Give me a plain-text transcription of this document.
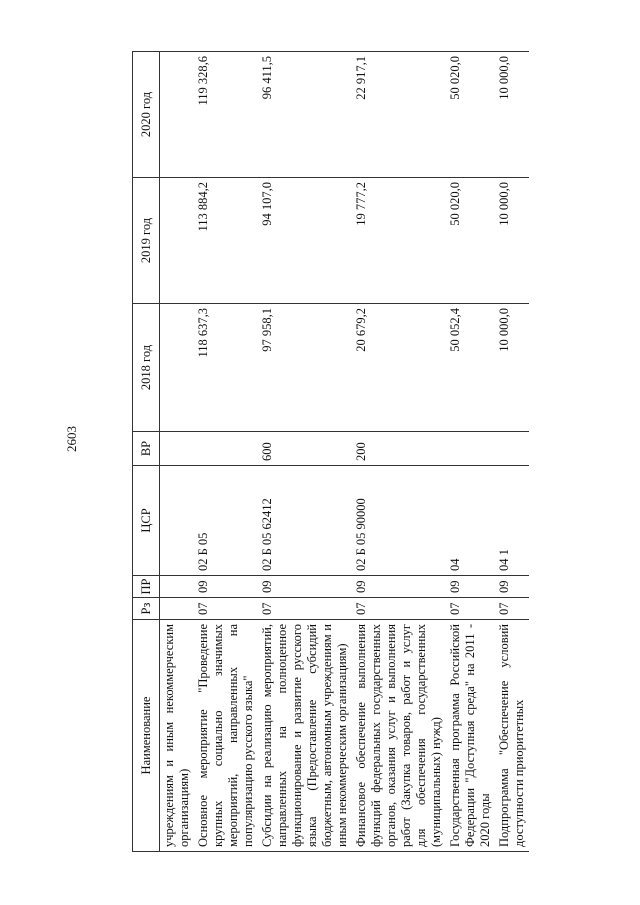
2603
Наименование	Рз	ПР	ЦСР	ВР	2018 год	2019 год	2020 год
учреждениям и иным некоммерческим организациям)							
Основное мероприятие "Проведение крупных социально значимых мероприятий, направленных на популяризацию русского языка"	07	09	02 Б 05		118 637,3	113 884,2	119 328,6
Субсидии на реализацию мероприятий, направленных на полноценное функционирование и развитие русского языка (Предоставление субсидий бюджетным, автономным учреждениям и иным некоммерческим организациям)	07	09	02 Б 05 62412	600	97 958,1	94 107,0	96 411,5
Финансовое обеспечение выполнения функций федеральных государственных органов, оказания услуг и выполнения работ (Закупка товаров, работ и услуг для обеспечения государственных (муниципальных) нужд)	07	09	02 Б 05 90000	200	20 679,2	19 777,2	22 917,1
Государственная программа Российской Федерации "Доступная среда" на 2011 - 2020 годы	07	09	04		50 052,4	50 020,0	50 020,0
Подпрограмма "Обеспечение условий доступности приоритетных	07	09	04 1		10 000,0	10 000,0	10 000,0
